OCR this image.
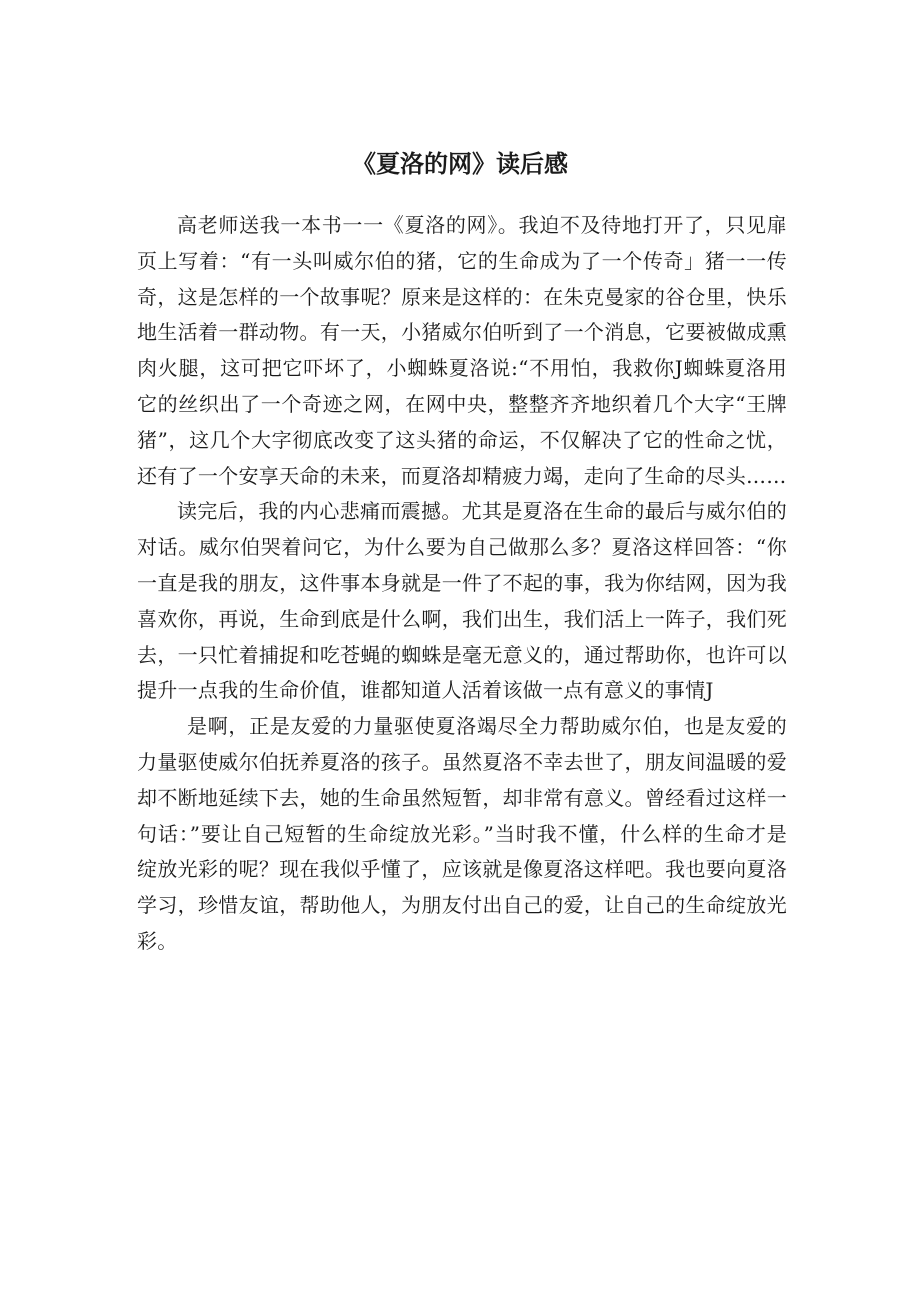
《夏洛的网》读后感

高老师送我一本书一一《夏洛的网》。我迫不及待地打开了，只见扉页上写着：“有一头叫威尔伯的猪，它的生命成为了一个传奇」猪一一传奇，这是怎样的一个故事呢？原来是这样的：在朱克曼家的谷仓里，快乐地生活着一群动物。有一天，小猪威尔伯听到了一个消息，它要被做成熏肉火腿，这可把它吓坏了，小蜘蛛夏洛说:“不用怕，我救你J蜘蛛夏洛用它的丝织出了一个奇迹之网，在网中央，整整齐齐地织着几个大字“王牌猪”，这几个大字彻底改变了这头猪的命运，不仅解决了它的性命之忧，还有了一个安享天命的未来，而夏洛却精疲力竭，走向了生命的尽头……

读完后，我的内心悲痛而震撼。尤其是夏洛在生命的最后与威尔伯的对话。威尔伯哭着问它，为什么要为自己做那么多？夏洛这样回答：“你一直是我的朋友，这件事本身就是一件了不起的事，我为你结网，因为我喜欢你，再说，生命到底是什么啊，我们出生，我们活上一阵子，我们死去，一只忙着捕捉和吃苍蝇的蜘蛛是毫无意义的，通过帮助你，也许可以提升一点我的生命价值，谁都知道人活着该做一点有意义的事情J

是啊，正是友爱的力量驱使夏洛竭尽全力帮助威尔伯，也是友爱的力量驱使威尔伯抚养夏洛的孩子。虽然夏洛不幸去世了，朋友间温暖的爱却不断地延续下去，她的生命虽然短暂，却非常有意义。曾经看过这样一句话：”要让自己短暂的生命绽放光彩。”当时我不懂，什么样的生命才是绽放光彩的呢？现在我似乎懂了，应该就是像夏洛这样吧。我也要向夏洛学习，珍惜友谊，帮助他人，为朋友付出自己的爱，让自己的生命绽放光彩。
